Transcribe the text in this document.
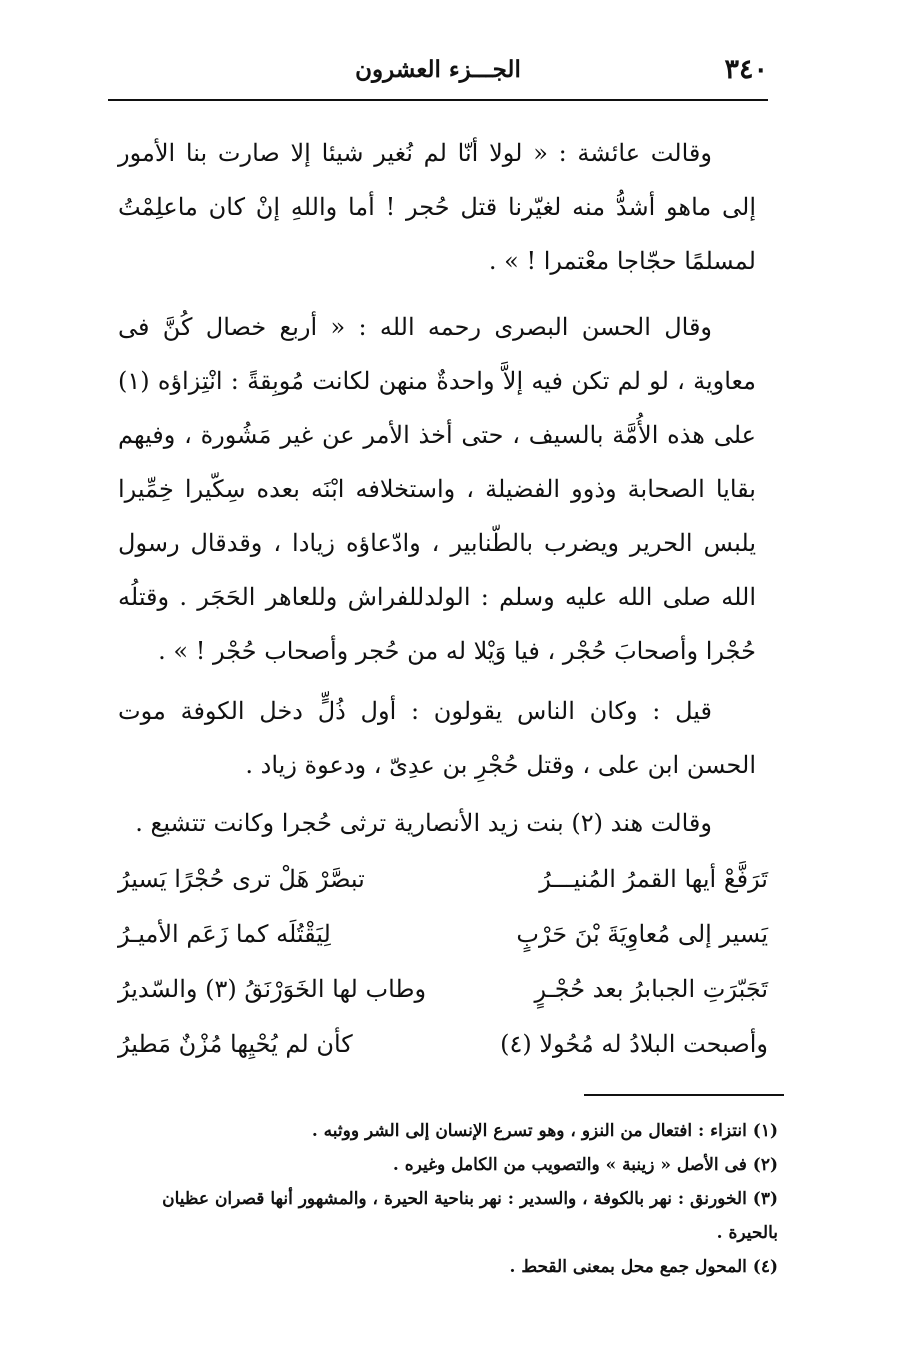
٣٤٠
الجـــزء العشرون
وقالت عائشة : « لولا أنّا لم نُغير شيئا إلا صارت بنا الأمور إلى ماهو أشدُّ منه لغيّرنا قتل حُجر ! أما واللهِ إنْ كان ماعلِمْتُ لمسلمًا حجّاجا معْتمرا ! » .
وقال الحسن البصرى رحمه الله : « أربع خصال كُنَّ فى معاوية ، لو لم تكن فيه إلاَّ واحدةٌ منهن لكانت مُوبِقةً : انْتِزاؤه (١) على هذه الأُمَّة بالسيف ، حتى أخذ الأمر عن غير مَشُورة ، وفيهم بقايا الصحابة وذوو الفضيلة ، واستخلافه ابْنَه بعده سِكّيرا خِمِّيرا يلبس الحرير ويضرب بالطّنابير ، وادّعاؤه زيادا ، وقدقال رسول الله صلى الله عليه وسلم : الولدللفراش وللعاهر الحَجَر . وقتلُه حُجْرا وأصحابَ حُجْر ، فيا وَيْلا له من حُجر وأصحاب حُجْر ! » .
قيل : وكان الناس يقولون : أول ذُلٍّ دخل الكوفة موت الحسن ابن على ، وقتل حُجْرِ بن عدِىّ ، ودعوة زياد .
وقالت هند (٢) بنت زيد الأنصارية ترثى حُجرا وكانت تتشيع .
تَرَفَّعْ أيها القمرُ المُنيـــرُ
تبصَّرْ هَلْ ترى حُجْرًا يَسيرُ
يَسير إلى مُعاوِيَةَ بْنَ حَرْبٍ
لِيَقْتُلَه كما زَعَم الأميـرُ
تَجَبّرَتِ الجبابرُ بعد حُجْـرٍ
وطاب لها الخَوَرْنَقُ (٣) والسّديرُ
وأصبحت البلادُ له مُحُولا (٤)
كأن لم يُحْيِها مُزْنٌ مَطيرُ
(١) انتزاء : افتعال من النزو ، وهو تسرع الإنسان إلى الشر ووثبه .
(٢) فى الأصل « زينبة » والتصويب من الكامل وغيره .
(٣) الخورنق : نهر بالكوفة ، والسدير : نهر بناحية الحيرة ، والمشهور أنها قصران عظيان بالحيرة .
(٤) المحول جمع محل بمعنى القحط .
